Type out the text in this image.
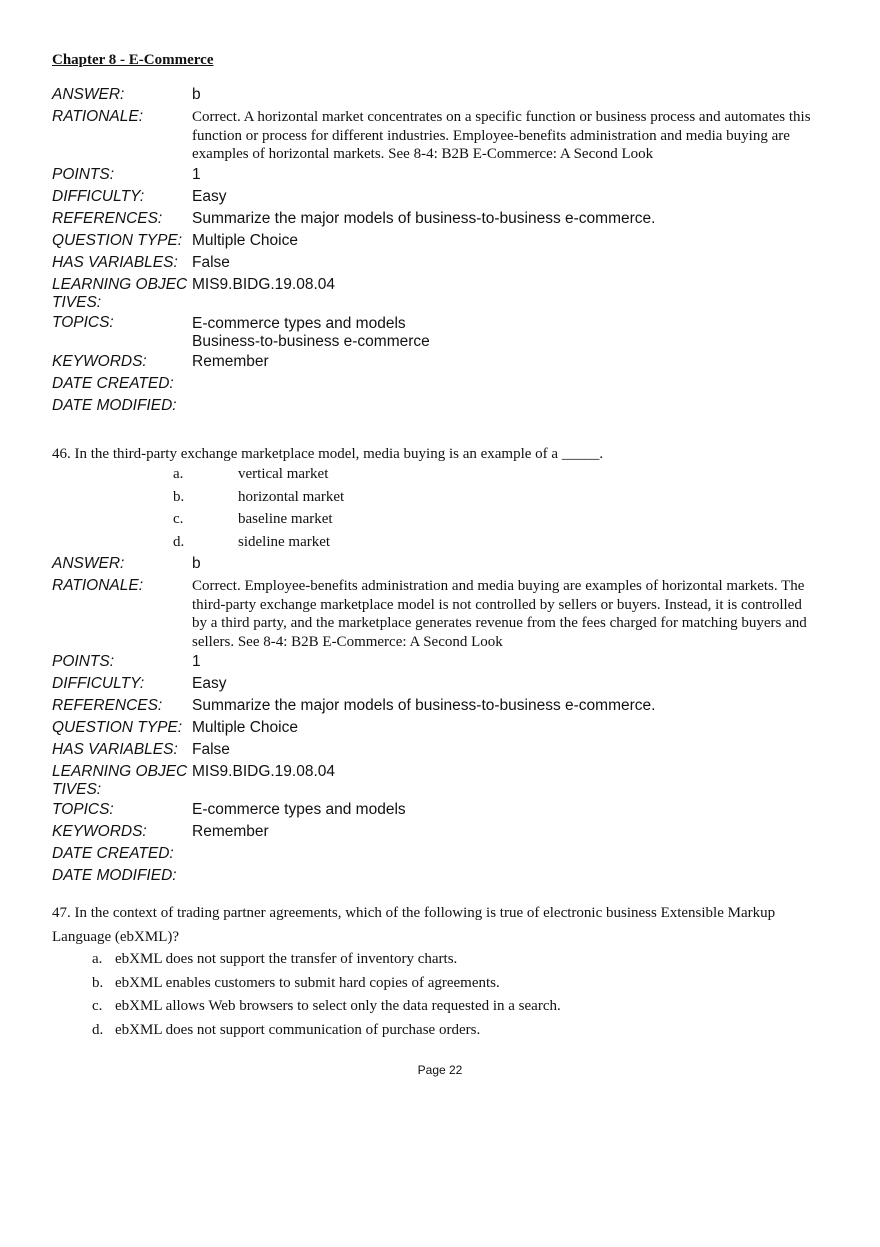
Chapter 8 - E-Commerce
ANSWER:	b
RATIONALE:	Correct. A horizontal market concentrates on a specific function or business process and automates this function or process for different industries. Employee-benefits administration and media buying are examples of horizontal markets. See 8-4: B2B E-Commerce: A Second Look
POINTS:	1
DIFFICULTY:	Easy
REFERENCES:	Summarize the major models of business-to-business e-commerce.
QUESTION TYPE: Multiple Choice
HAS VARIABLES: False
LEARNING OBJEC
TIVES:
MIS9.BIDG.19.08.04
TOPICS:	E-commerce types and models
Business-to-business e-commerce
KEYWORDS:	Remember
DATE CREATED:
DATE MODIFIED:
46. In the third-party exchange marketplace model, media buying is an example of a _____.
a.	vertical market
b.	horizontal market
c.	baseline market
d.	sideline market
ANSWER:	b
RATIONALE:	Correct. Employee-benefits administration and media buying are examples of horizontal markets. The third-party exchange marketplace model is not controlled by sellers or buyers. Instead, it is controlled by a third party, and the marketplace generates revenue from the fees charged for matching buyers and sellers. See 8-4: B2B E-Commerce: A Second Look
POINTS:	1
DIFFICULTY:	Easy
REFERENCES:	Summarize the major models of business-to-business e-commerce.
QUESTION TYPE: Multiple Choice
HAS VARIABLES: False
LEARNING OBJEC
TIVES:
MIS9.BIDG.19.08.04
TOPICS:	E-commerce types and models
KEYWORDS:	Remember
DATE CREATED:
DATE MODIFIED:
47. In the context of trading partner agreements, which of the following is true of electronic business Extensible Markup Language (ebXML)?
a. ebXML does not support the transfer of inventory charts.
b. ebXML enables customers to submit hard copies of agreements.
c. ebXML allows Web browsers to select only the data requested in a search.
d. ebXML does not support communication of purchase orders.
Page 22
